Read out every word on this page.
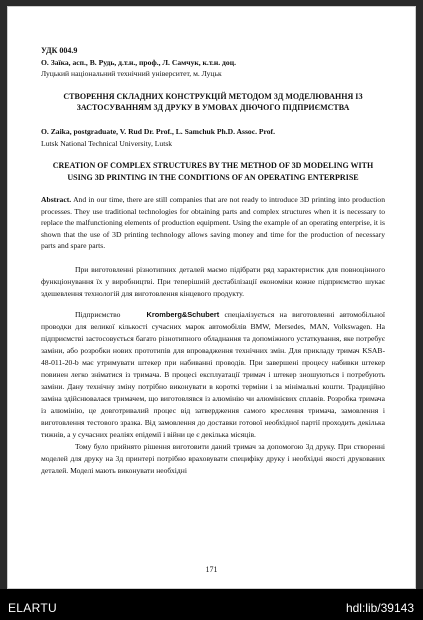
УДК 004.9
О. Заїка, асп., В. Рудь, д.т.н., проф., Л. Самчук, к.т.н. доц.
Луцький національний технічний університет, м. Луцьк
СТВОРЕННЯ СКЛАДНИХ КОНСТРУКЦІЙ МЕТОДОМ 3Д МОДЕЛЮВАННЯ ІЗ ЗАСТОСУВАННЯМ 3Д ДРУКУ В УМОВАХ ДІЮЧОГО ПІДПРИЄМСТВА
O. Zaika, postgraduate, V. Rud Dr. Prof., L. Samchuk Ph.D. Assoc. Prof.
Lutsk National Technical University, Lutsk
CREATION OF COMPLEX STRUCTURES BY THE METHOD OF 3D MODELING WITH USING 3D PRINTING IN THE CONDITIONS OF AN OPERATING ENTERPRISE
Abstract. And in our time, there are still companies that are not ready to introduce 3D printing into production processes. They use traditional technologies for obtaining parts and complex structures when it is necessary to replace the malfunctioning elements of production equipment. Using the example of an operating enterprise, it is shown that the use of 3D printing technology allows saving money and time for the production of necessary parts and spare parts.
При виготовленні різнотипних деталей маємо підібрати ряд характеристик для повноцінного функціонування їх у виробництві. При теперішній дестабілізації економіки кожне підприємство шукає здешевлення технологій для виготовлення кінцевого продукту.
Підприємство	Kromberg&Schubert спеціалізується на виготовленні автомобільної проводки для великої кількості сучасних марок автомобілів BMW, Mersedes, MAN, Volkswagen. На підприємстві застосовується багато різнотипного обладнання та допоміжного устаткування, яке потребує заміни, або розробки нових прототипів для впровадження технічних змін. Для прикладу тримач KSAB-48-011-20-b має утримувати штекер при набиванні проводів. При завершені процесу набивки штекер повинен легко зніматися із тримача. В процесі експлуатації тримач і штекер зношуються і потребують заміни. Дану технічну зміну потрібно виконувати в короткі терміни і за мінімальні кошти. Традиційно заміна здійснювалася тримачем, що виготовлявся із алюмінію чи алюмінієвих сплавів. Розробка тримача із алюмінію, це довготривалий процес від затвердження самого креслення тримача, замовлення і виготовлення тестового зразка. Від замовлення до доставки готової необхідної партії проходить декілька тижнів, а у сучасних реаліях епідемії і війни це є декілька місяців.
Тому було прийнято рішення виготовити даний тримач за допомогою 3д друку. При створенні моделей для друку на 3д принтері потрібно враховувати специфіку друку і необхідні якості друкованих деталей. Моделі мають виконувати необхідні
171
ELARTU	hdl:lib/39143
